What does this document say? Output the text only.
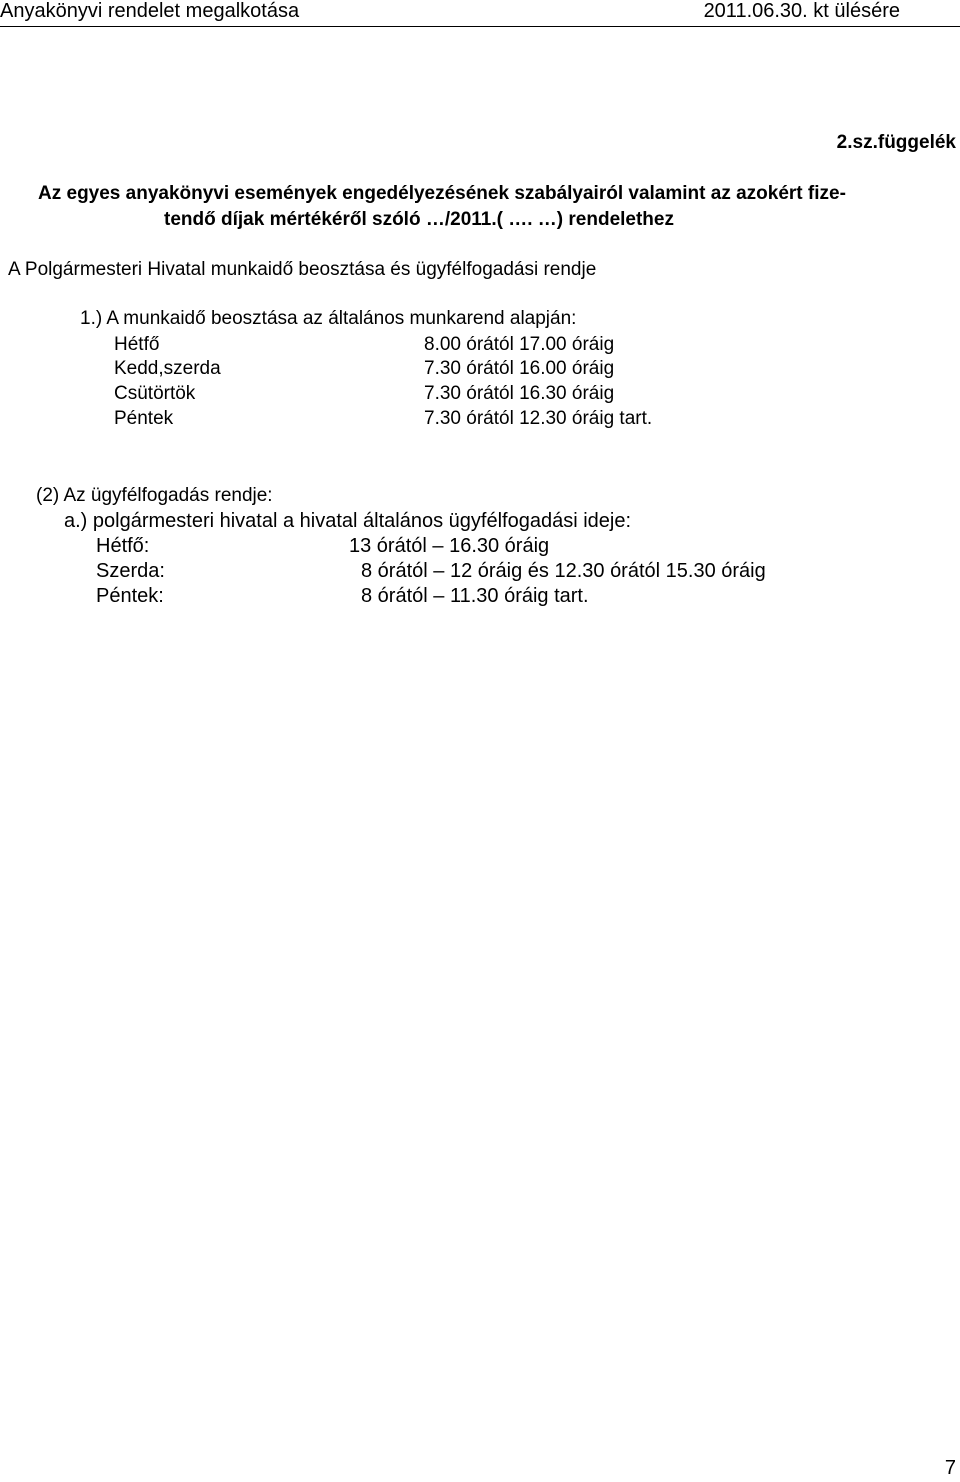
Anyakönyvi rendelet megalkotása	2011.06.30. kt ülésére
2.sz.függelék
Az egyes anyakönyvi események engedélyezésének szabályairól valamint az azokért fize-
tendő díjak mértékéről szóló …/2011.( …. …) rendelethez
A Polgármesteri Hivatal munkaidő beosztása és ügyfélfogadási rendje
1.) A munkaidő beosztása az általános munkarend alapján:
Hétfő	8.00 órától 17.00 óráig
Kedd,szerda	7.30 órától 16.00 óráig
Csütörtök	7.30 órától 16.30 óráig
Péntek	7.30 órától 12.30 óráig tart.
(2) Az ügyfélfogadás rendje:
a.) polgármesteri hivatal a hivatal általános ügyfélfogadási ideje:
Hétfő:	13 órától – 16.30 óráig
Szerda:	8 órától – 12 óráig és 12.30 órától 15.30 óráig
Péntek:	8 órától – 11.30 óráig tart.
7
